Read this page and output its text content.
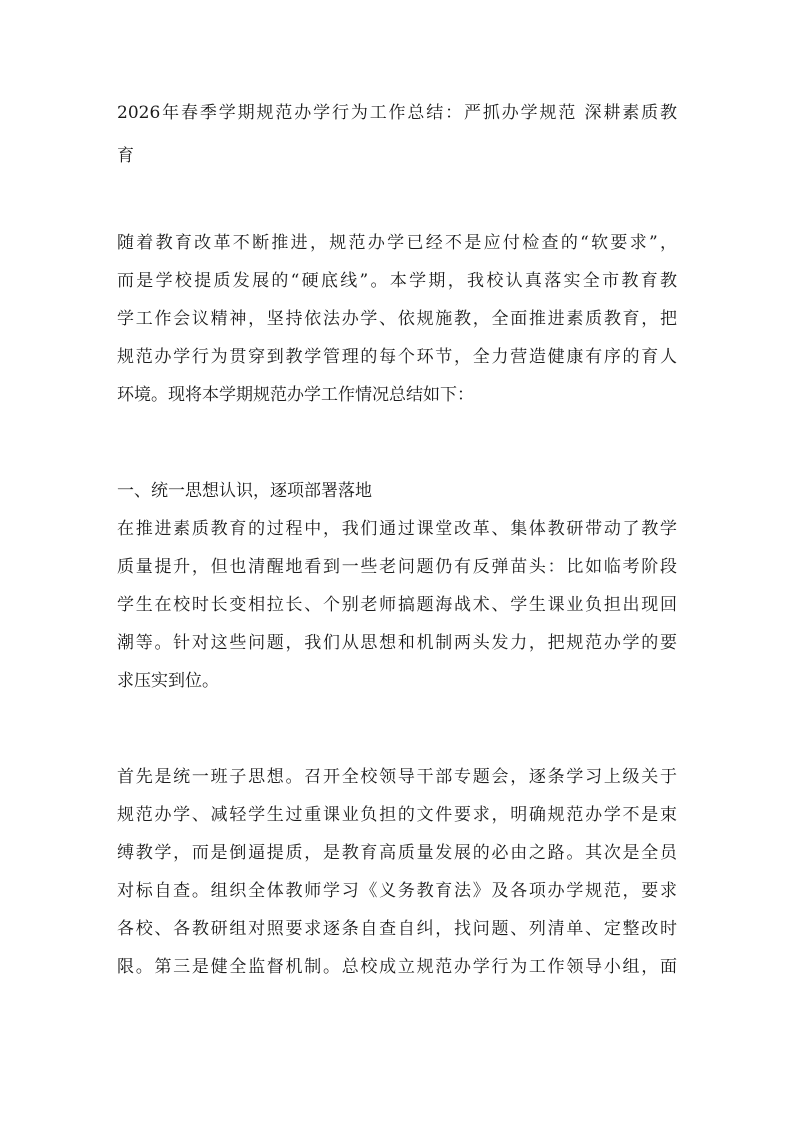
2026年春季学期规范办学行为工作总结：严抓办学规范 深耕素质教
育
随着教育改革不断推进，规范办学已经不是应付检查的“软要求”，
而是学校提质发展的“硬底线”。本学期，我校认真落实全市教育教
学工作会议精神，坚持依法办学、依规施教，全面推进素质教育，把
规范办学行为贯穿到教学管理的每个环节，全力营造健康有序的育人
环境。现将本学期规范办学工作情况总结如下：
一、统一思想认识，逐项部署落地
在推进素质教育的过程中，我们通过课堂改革、集体教研带动了教学
质量提升，但也清醒地看到一些老问题仍有反弹苗头：比如临考阶段
学生在校时长变相拉长、个别老师搞题海战术、学生课业负担出现回
潮等。针对这些问题，我们从思想和机制两头发力，把规范办学的要
求压实到位。
首先是统一班子思想。召开全校领导干部专题会，逐条学习上级关于
规范办学、减轻学生过重课业负担的文件要求，明确规范办学不是束
缚教学，而是倒逼提质，是教育高质量发展的必由之路。其次是全员
对标自查。组织全体教师学习《义务教育法》及各项办学规范，要求
各校、各教研组对照要求逐条自查自纠，找问题、列清单、定整改时
限。第三是健全监督机制。总校成立规范办学行为工作领导小组，面
